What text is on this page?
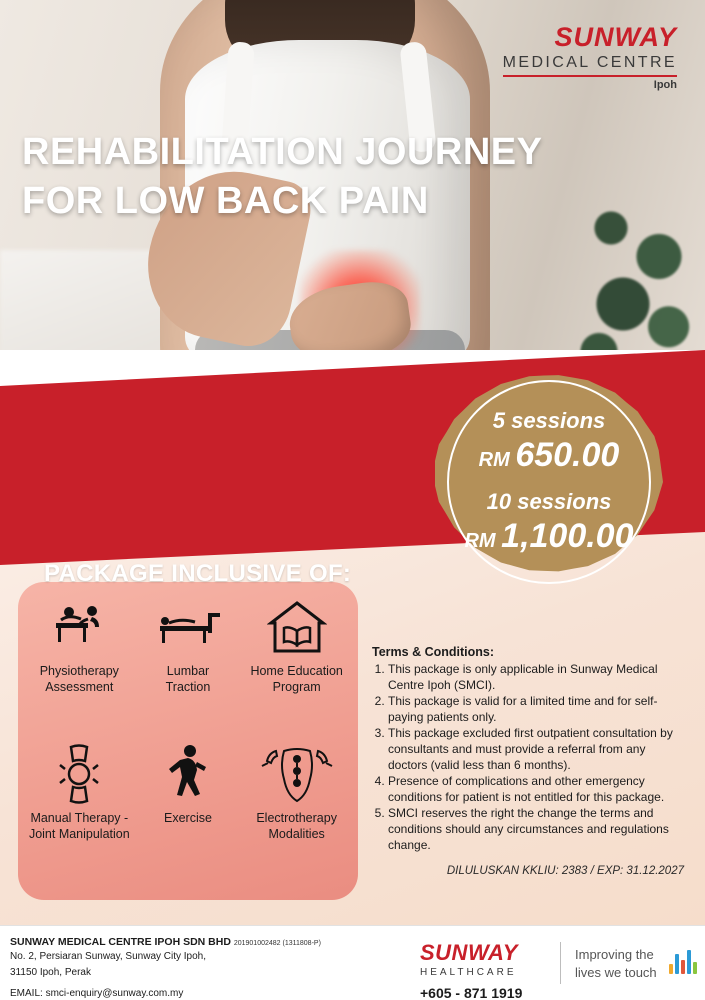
SUNWAY
MEDICAL CENTRE
Ipoh
REHABILITATION JOURNEY
FOR LOW BACK PAIN
5 sessions
RM 650.00
10 sessions
RM 1,100.00
PACKAGE INCLUSIVE OF:
Physiotherapy
Assessment
Lumbar
Traction
Home Education
Program
Manual Therapy -
Joint Manipulation
Exercise	Electrotherapy
Modalities
Terms & Conditions:
1. This package is only applicable in Sunway Medical Centre Ipoh (SMCI).
2. This package is valid for a limited time and for self-paying patients only.
3. This package excluded first outpatient consultation by consultants and must provide a referral from any doctors (valid less than 6 months).
4. Presence of complications and other emergency conditions for patient is not entitled for this package.
5. SMCI reserves the right the change the terms and conditions should any circumstances and regulations change.
DILULUSKAN KKLIU: 2383 / EXP: 31.12.2027
SUNWAY MEDICAL CENTRE IPOH SDN BHD 201901002482 (1311808-P)
No. 2, Persiaran Sunway, Sunway City Ipoh,
31150 Ipoh, Perak
EMAIL: smci-enquiry@sunway.com.my
SUNWAY
HEALTHCARE
+605 - 871 1919
Improving the
lives we touch
